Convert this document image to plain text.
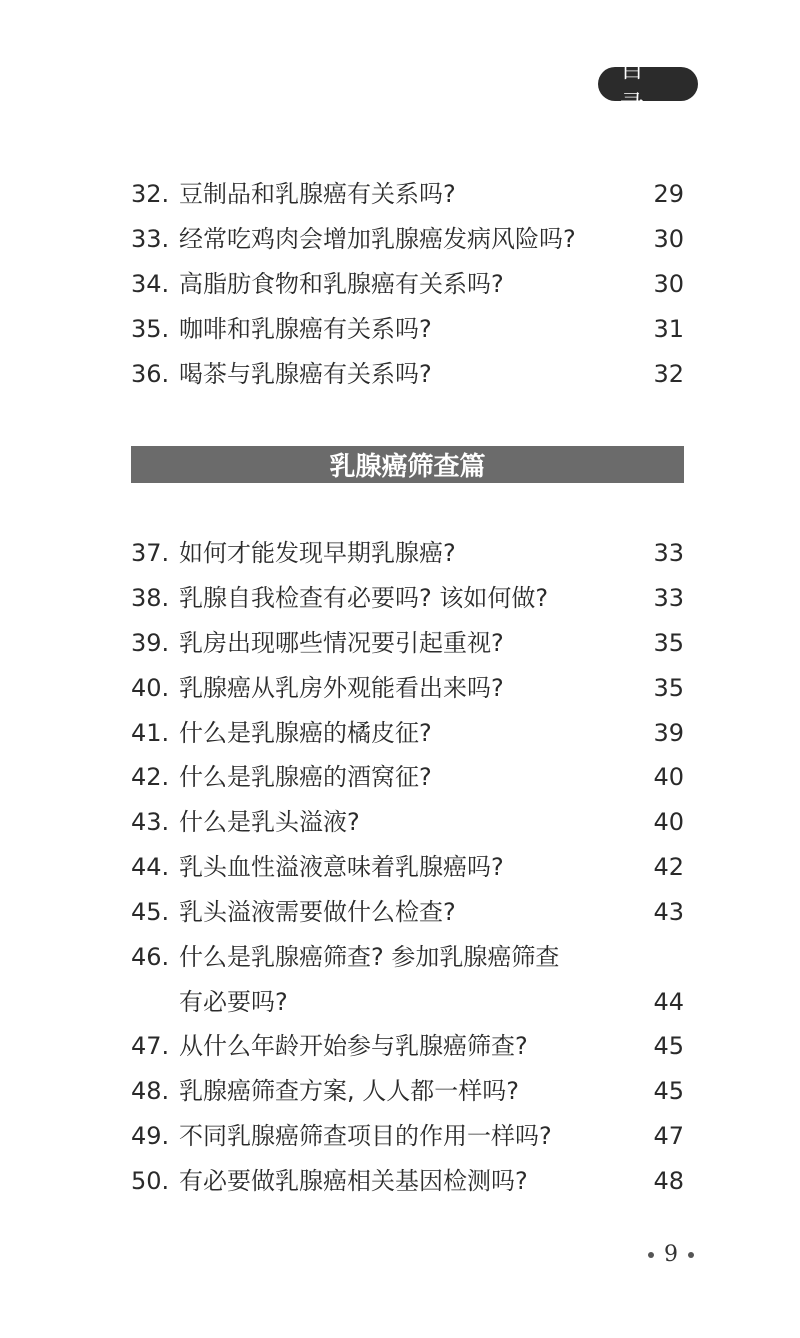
目 录
32. 豆制品和乳腺癌有关系吗?	29
33. 经常吃鸡肉会增加乳腺癌发病风险吗?	30
34. 高脂肪食物和乳腺癌有关系吗?	30
35. 咖啡和乳腺癌有关系吗?	31
36. 喝茶与乳腺癌有关系吗?	32
乳腺癌筛查篇
37. 如何才能发现早期乳腺癌?	33
38. 乳腺自我检查有必要吗? 该如何做?	33
39. 乳房出现哪些情况要引起重视?	35
40. 乳腺癌从乳房外观能看出来吗?	35
41. 什么是乳腺癌的橘皮征?	39
42. 什么是乳腺癌的酒窝征?	40
43. 什么是乳头溢液?	40
44. 乳头血性溢液意味着乳腺癌吗?	42
45. 乳头溢液需要做什么检查?	43
46. 什么是乳腺癌筛查? 参加乳腺癌筛查
有必要吗?	44
47. 从什么年龄开始参与乳腺癌筛查?	45
48. 乳腺癌筛查方案, 人人都一样吗?	45
49. 不同乳腺癌筛查项目的作用一样吗?	47
50. 有必要做乳腺癌相关基因检测吗?	48
9
